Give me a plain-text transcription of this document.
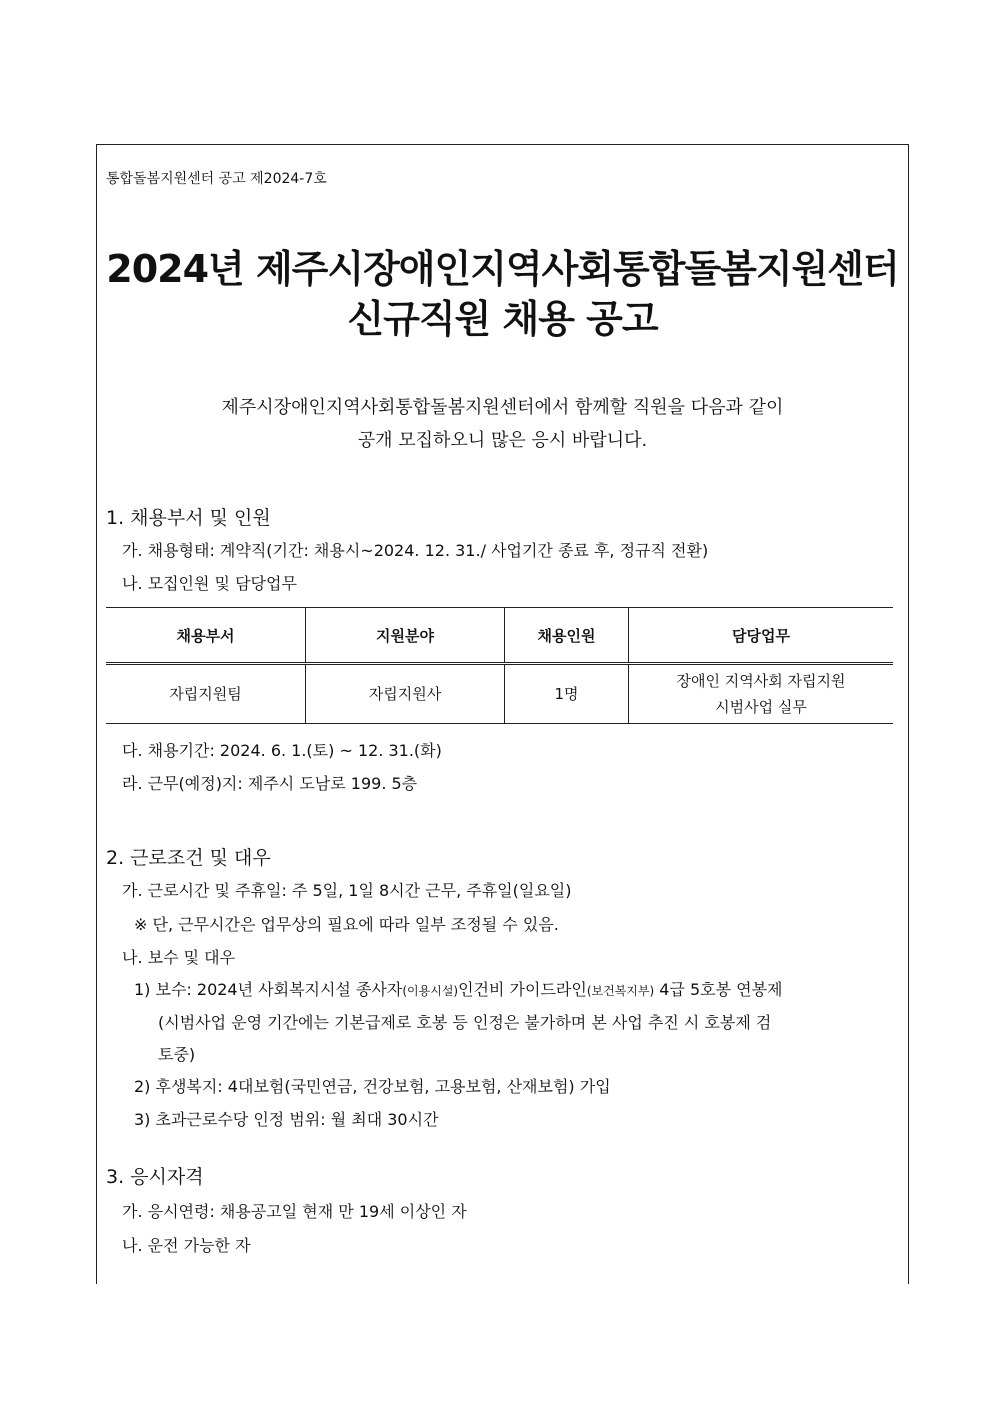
통합돌봄지원센터 공고 제2024-7호
2024년 제주시장애인지역사회통합돌봄지원센터
신규직원 채용 공고
제주시장애인지역사회통합돌봄지원센터에서 함께할 직원을 다음과 같이
공개 모집하오니 많은 응시 바랍니다.
1. 채용부서 및 인원
가. 채용형태: 계약직(기간: 채용시~2024. 12. 31./ 사업기간 종료 후, 정규직 전환)
나. 모집인원 및 담당업무
채용부서	지원분야	채용인원	담당업무
자립지원팀	자립지원사	1명	장애인 지역사회 자립지원
시범사업 실무
다. 채용기간: 2024. 6. 1.(토) ~ 12. 31.(화)
라. 근무(예정)지: 제주시 도남로 199. 5층
2. 근로조건 및 대우
가. 근로시간 및 주휴일: 주 5일, 1일 8시간 근무, 주휴일(일요일)
※ 단, 근무시간은 업무상의 필요에 따라 일부 조정될 수 있음.
나. 보수 및 대우
1) 보수: 2024년 사회복지시설 종사자(이용시설)인건비 가이드라인(보건복지부) 4급 5호봉 연봉제
(시범사업 운영 기간에는 기본급제로 호봉 등 인정은 불가하며 본 사업 추진 시 호봉제 검
토중)
2) 후생복지: 4대보험(국민연금, 건강보험, 고용보험, 산재보험) 가입
3) 초과근로수당 인정 범위: 월 최대 30시간
3. 응시자격
가. 응시연령: 채용공고일 현재 만 19세 이상인 자
나. 운전 가능한 자
